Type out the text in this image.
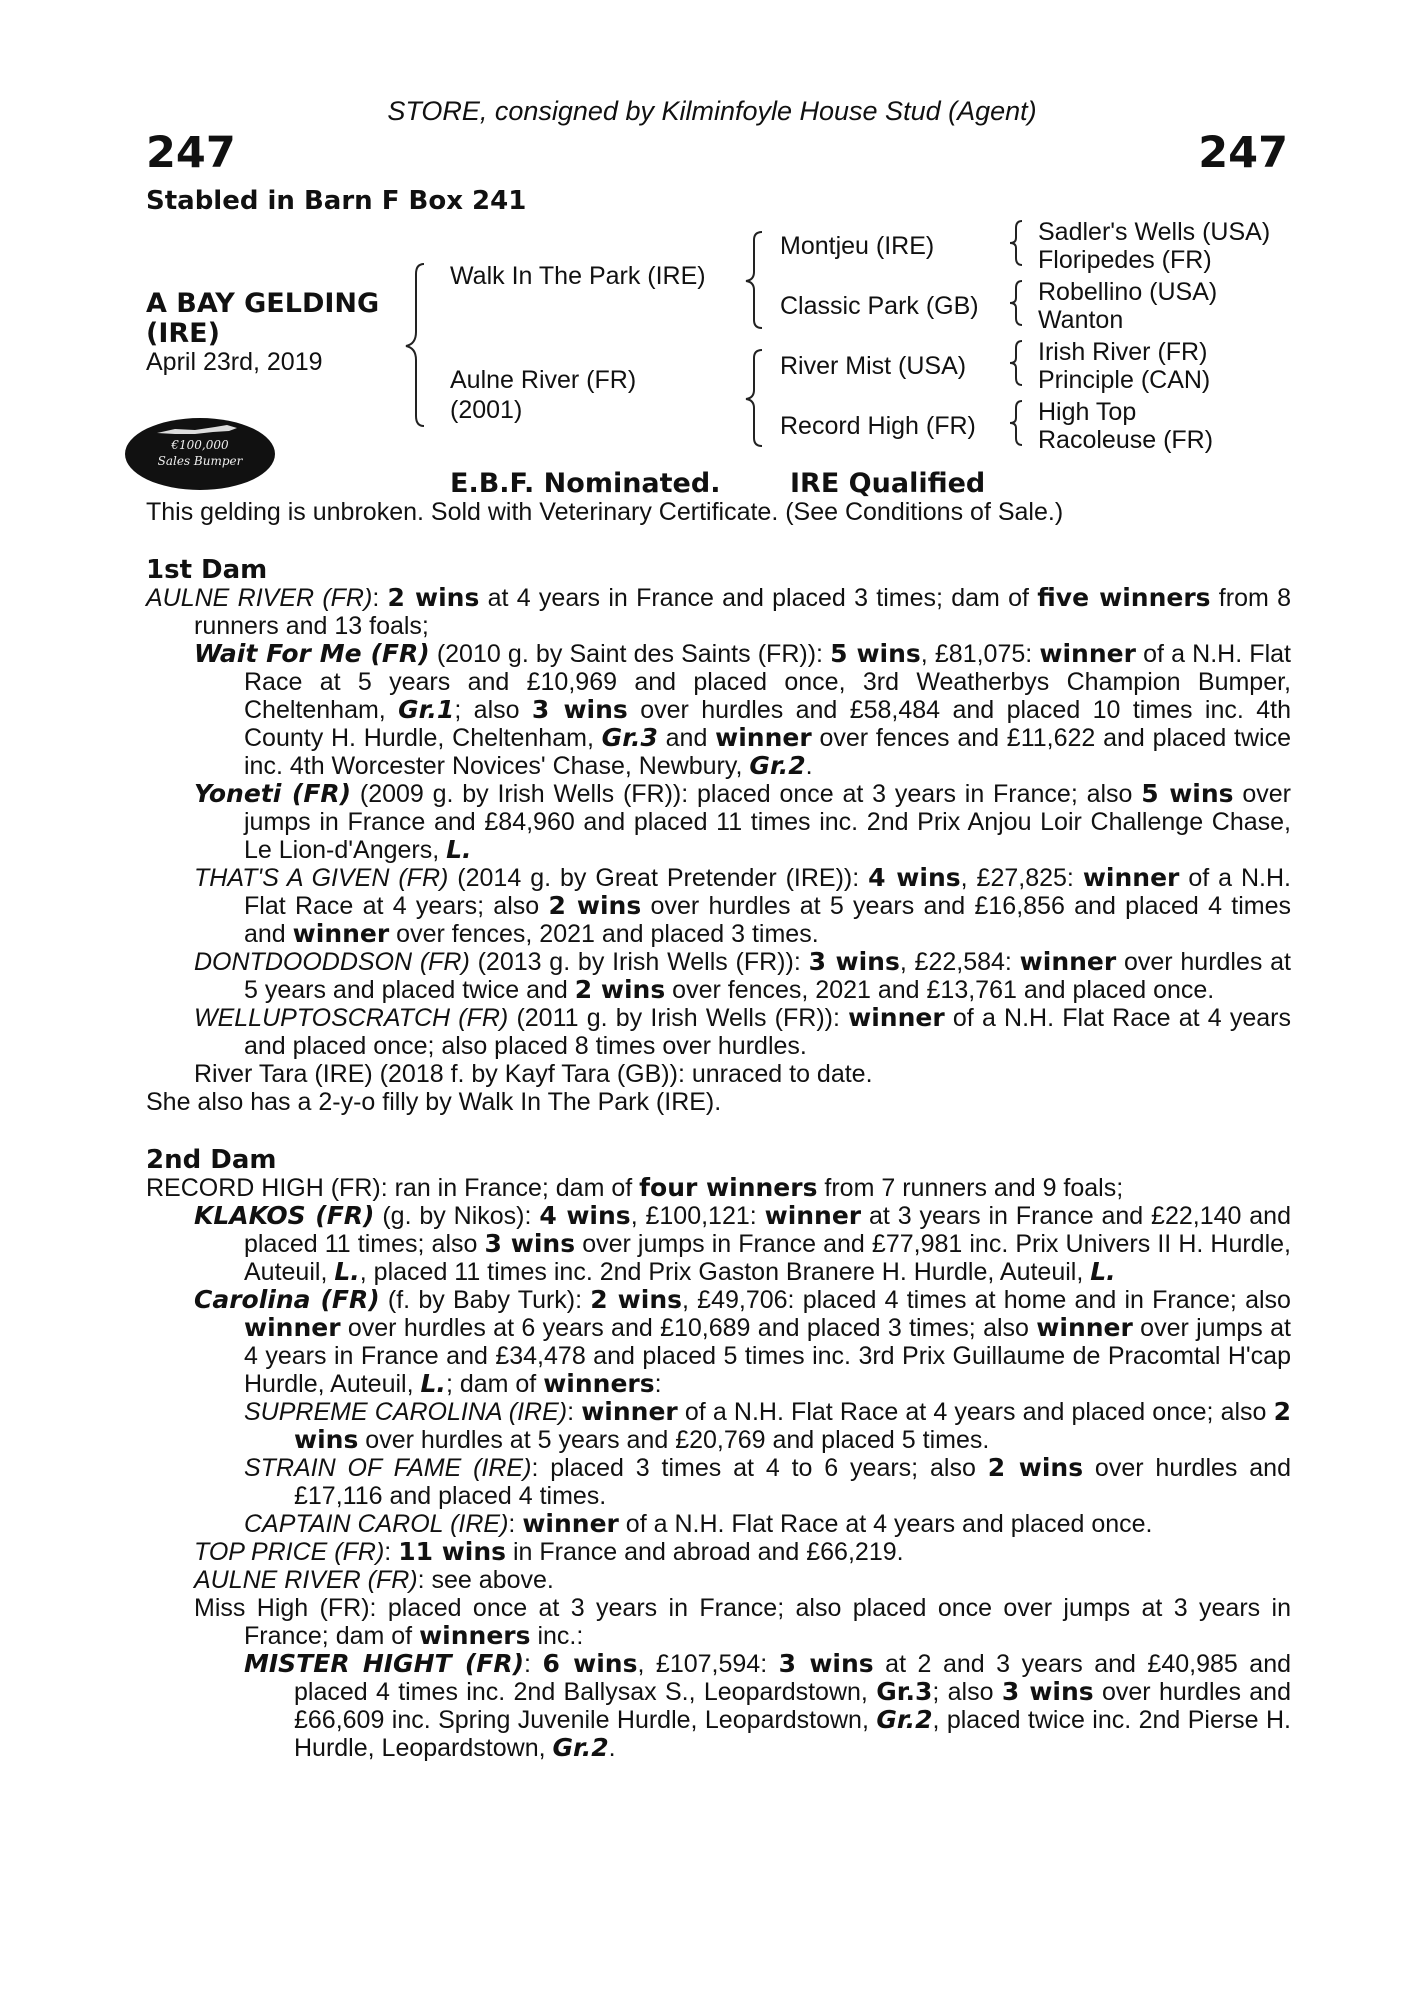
STORE, consigned by Kilminfoyle House Stud (Agent)
247	247
Stabled in Barn F Box 241
A BAY GELDING
(IRE)
April 23rd, 2019
Walk In The Park (IRE)
Aulne River (FR)
(2001)
Montjeu (IRE)
Classic Park (GB)
River Mist (USA)
Record High (FR)
Sadler's Wells (USA)
Floripedes (FR)
Robellino (USA)
Wanton
Irish River (FR)
Principle (CAN)
High Top
Racoleuse (FR)
€100,000
Sales Bumper
E.B.F. Nominated.	IRE Qualified
This gelding is unbroken. Sold with Veterinary Certificate. (See Conditions of Sale.)
1st Dam
AULNE RIVER (FR): 2 wins at 4 years in France and placed 3 times; dam of five winners from 8 runners and 13 foals;
Wait For Me (FR) (2010 g. by Saint des Saints (FR)): 5 wins, £81,075: winner of a N.H. Flat Race at 5 years and £10,969 and placed once, 3rd Weatherbys Champion Bumper, Cheltenham, Gr.1; also 3 wins over hurdles and £58,484 and placed 10 times inc. 4th County H. Hurdle, Cheltenham, Gr.3 and winner over fences and £11,622 and placed twice inc. 4th Worcester Novices' Chase, Newbury, Gr.2.
Yoneti (FR) (2009 g. by Irish Wells (FR)): placed once at 3 years in France; also 5 wins over jumps in France and £84,960 and placed 11 times inc. 2nd Prix Anjou Loir Challenge Chase, Le Lion-d'Angers, L.
THAT'S A GIVEN (FR) (2014 g. by Great Pretender (IRE)): 4 wins, £27,825: winner of a N.H. Flat Race at 4 years; also 2 wins over hurdles at 5 years and £16,856 and placed 4 times and winner over fences, 2021 and placed 3 times.
DONTDOODDSON (FR) (2013 g. by Irish Wells (FR)): 3 wins, £22,584: winner over hurdles at 5 years and placed twice and 2 wins over fences, 2021 and £13,761 and placed once.
WELLUPTOSCRATCH (FR) (2011 g. by Irish Wells (FR)): winner of a N.H. Flat Race at 4 years and placed once; also placed 8 times over hurdles.
River Tara (IRE) (2018 f. by Kayf Tara (GB)): unraced to date.
She also has a 2-y-o filly by Walk In The Park (IRE).
2nd Dam
RECORD HIGH (FR): ran in France; dam of four winners from 7 runners and 9 foals;
KLAKOS (FR) (g. by Nikos): 4 wins, £100,121: winner at 3 years in France and £22,140 and placed 11 times; also 3 wins over jumps in France and £77,981 inc. Prix Univers II H. Hurdle, Auteuil, L., placed 11 times inc. 2nd Prix Gaston Branere H. Hurdle, Auteuil, L.
Carolina (FR) (f. by Baby Turk): 2 wins, £49,706: placed 4 times at home and in France; also winner over hurdles at 6 years and £10,689 and placed 3 times; also winner over jumps at 4 years in France and £34,478 and placed 5 times inc. 3rd Prix Guillaume de Pracomtal H'cap Hurdle, Auteuil, L.; dam of winners:
SUPREME CAROLINA (IRE): winner of a N.H. Flat Race at 4 years and placed once; also 2 wins over hurdles at 5 years and £20,769 and placed 5 times.
STRAIN OF FAME (IRE): placed 3 times at 4 to 6 years; also 2 wins over hurdles and £17,116 and placed 4 times.
CAPTAIN CAROL (IRE): winner of a N.H. Flat Race at 4 years and placed once.
TOP PRICE (FR): 11 wins in France and abroad and £66,219.
AULNE RIVER (FR): see above.
Miss High (FR): placed once at 3 years in France; also placed once over jumps at 3 years in France; dam of winners inc.:
MISTER HIGHT (FR): 6 wins, £107,594: 3 wins at 2 and 3 years and £40,985 and placed 4 times inc. 2nd Ballysax S., Leopardstown, Gr.3; also 3 wins over hurdles and £66,609 inc. Spring Juvenile Hurdle, Leopardstown, Gr.2, placed twice inc. 2nd Pierse H. Hurdle, Leopardstown, Gr.2.
